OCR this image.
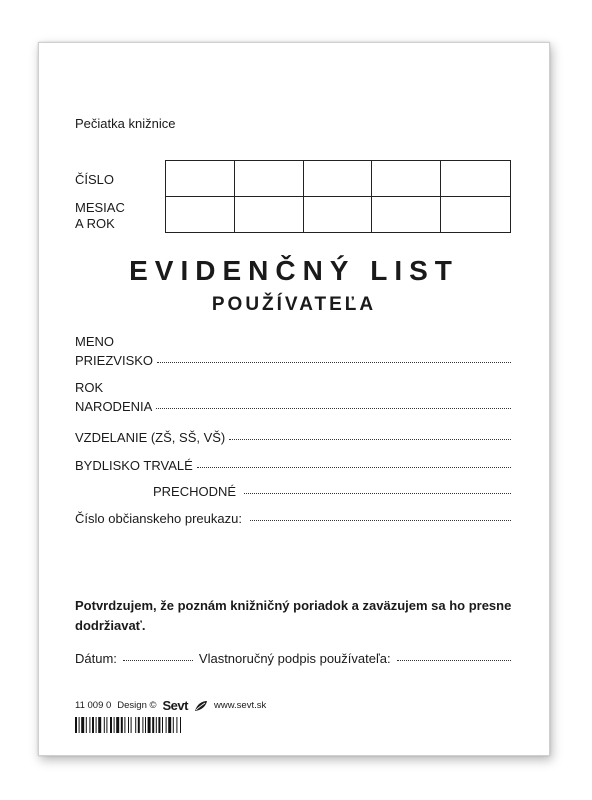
Pečiatka knižnice
ČÍSLO
MESIAC
A ROK
EVIDENČNÝ LIST
POUŽÍVATEĽA
MENO
PRIEZVISKO
ROK
NARODENIA
VZDELANIE (ZŠ, SŠ, VŠ)
BYDLISKO TRVALÉ
PRECHODNÉ
Číslo občianskeho preukazu:
Potvrdzujem, že poznám knižničný poriadok a zaväzujem sa ho presne dodržiavať.
Dátum:	Vlastnoručný podpis používateľa:
11 009 0 Design © Sevt	www.sevt.sk
